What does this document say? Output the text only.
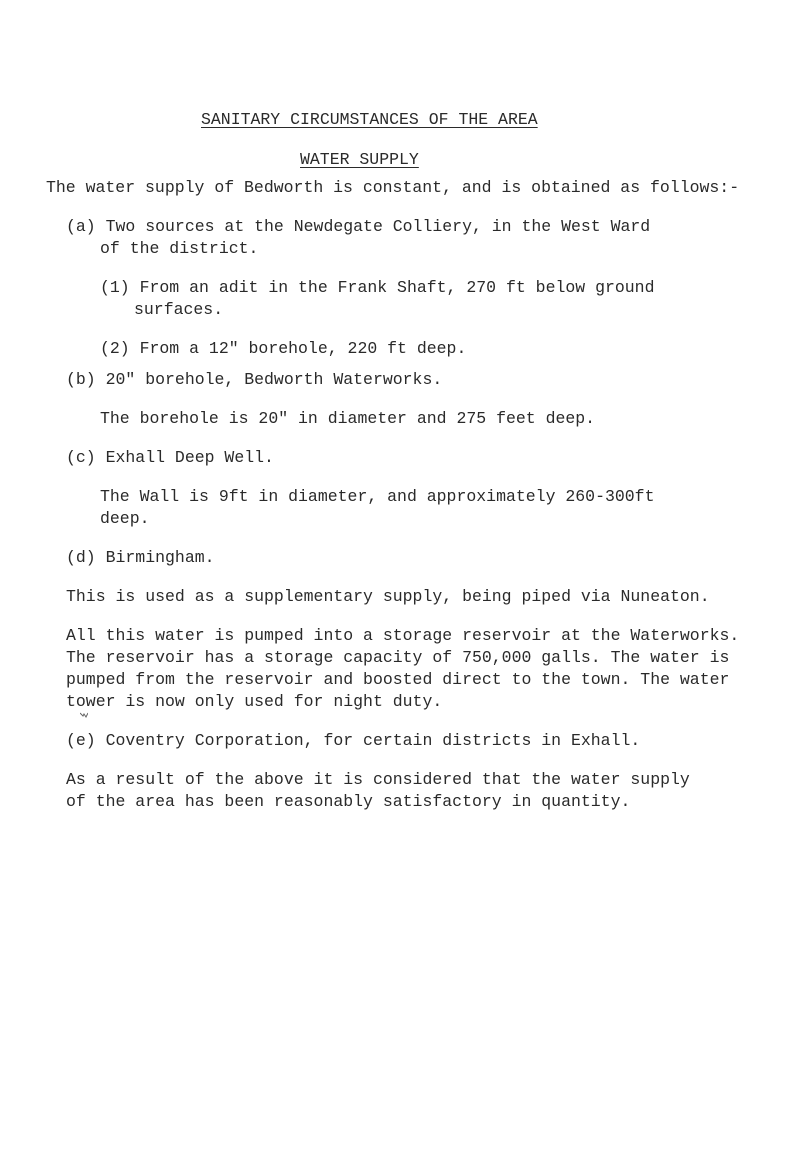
SANITARY CIRCUMSTANCES OF THE AREA
WATER SUPPLY
The water supply of Bedworth is constant, and is obtained as follows:-
(a) Two sources at the Newdegate Colliery, in the West Ward
of the district.
(1) From an adit in the Frank Shaft, 270 ft below ground
surfaces.
(2) From a 12" borehole, 220 ft deep.
(b) 20" borehole, Bedworth Waterworks.
The borehole is 20" in diameter and 275 feet deep.
(c) Exhall Deep Well.
The Wall is 9ft in diameter, and approximately 260-300ft
deep.
(d) Birmingham.
This is used as a supplementary supply, being piped via Nuneaton.
All this water is pumped into a storage reservoir at the Waterworks.
The reservoir has a storage capacity of 750,000 galls. The water is
pumped from the reservoir and boosted direct to the town. The water
tower is now only used for night duty.
(e) Coventry Corporation, for certain districts in Exhall.
As a result of the above it is considered that the water supply
of the area has been reasonably satisfactory in quantity.
